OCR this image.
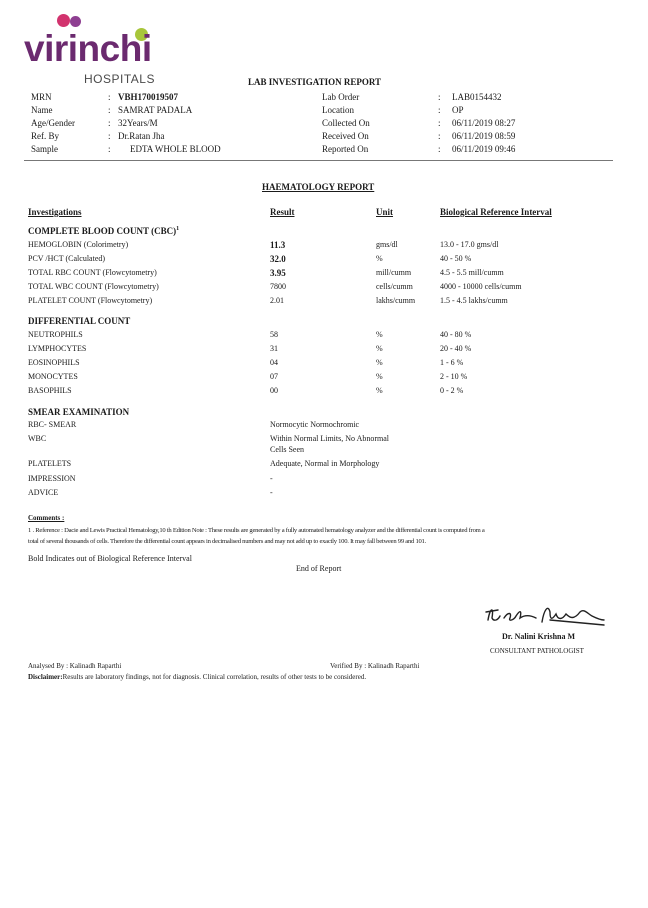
virinchi
HOSPITALS	LAB INVESTIGATION REPORT
MRN	: VBH170019507
Name	: SAMRAT PADALA
Age/Gender	: 32Years/M
Ref. By	: Dr.Ratan Jha
Sample	: EDTA WHOLE BLOOD
Lab Order	: LAB0154432
Location	: OP
Collected On	: 06/11/2019 08:27
Received On	: 06/11/2019 08:59
Reported On	: 06/11/2019 09:46
HAEMATOLOGY REPORT
Investigations	Result	Unit	Biological Reference Interval
COMPLETE BLOOD COUNT (CBC)$^1$
HEMOGLOBIN (Colorimetry)	11.3	gms/dl	13.0 - 17.0 gms/dl
PCV /HCT (Calculated)	32.0	%	40 - 50 %
TOTAL RBC COUNT (Flowcytometry)	3.95	mill/cumm	4.5 - 5.5 mill/cumm
TOTAL WBC COUNT (Flowcytometry)	7800	cells/cumm	4000 - 10000 cells/cumm
PLATELET COUNT (Flowcytometry)	2.01	lakhs/cumm	1.5 - 4.5 lakhs/cumm
DIFFERENTIAL COUNT
NEUTROPHILS	58	%	40 - 80 %
LYMPHOCYTES	31	%	20 - 40 %
EOSINOPHILS	04	%	1 - 6 %
MONOCYTES	07	%	2 - 10 %
BASOPHILS	00	%	0 - 2 %
SMEAR EXAMINATION
RBC- SMEAR	Normocytic Normochromic
WBC	Within Normal Limits, No Abnormal
Cells Seen
PLATELETS	Adequate, Normal in Morphology
IMPRESSION	-
ADVICE	-
Comments :
1 . Reference : Dacie and Lewis Practical Hematology,10 th Edition Note : These results are generated by a fully automated hematology analyzer and the differential count is computed from a
total of several thousands of cells. Therefore the differential count appears in decimalised numbers and may not add up to exactly 100. It may fall between 99 and 101.
Bold Indicates out of Biological Reference Interval
End of Report
Dr. Nalini Krishna M
CONSULTANT PATHOLOGIST
Analysed By : Kalinadh Raparthi	Verified By : Kalinadh Raparthi
Disclaimer:Results are laboratory findings, not for diagnosis. Clinical correlation, results of other tests to be considered.
